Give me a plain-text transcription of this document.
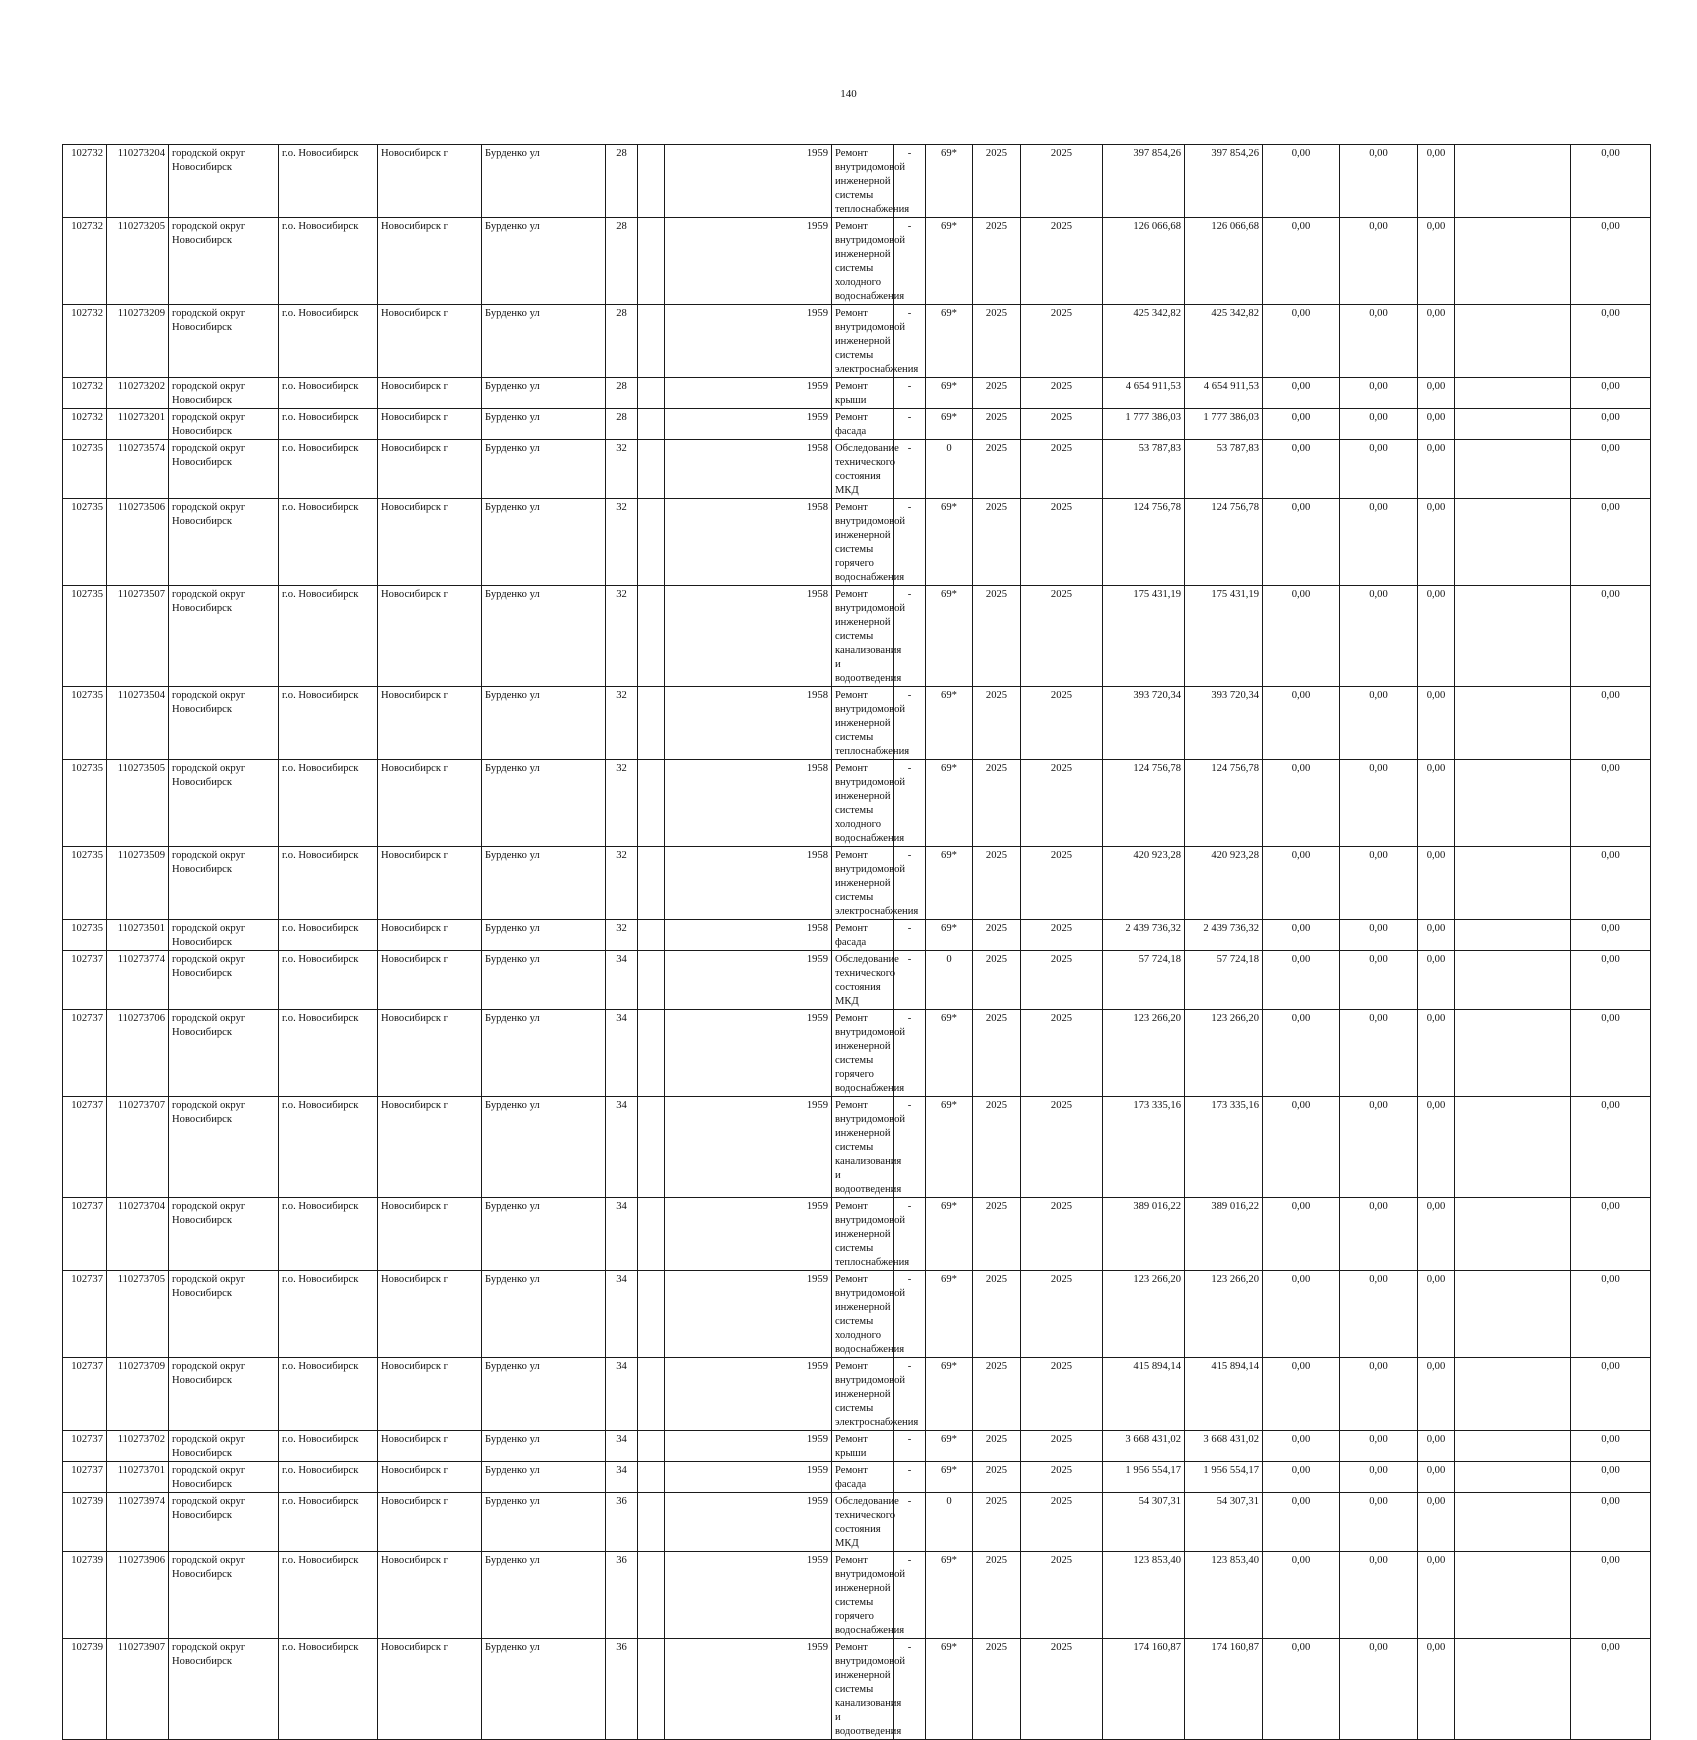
140
102732	110273204	городской округ Новосибирск	г.о. Новосибирск	Новосибирск г	Бурденко ул	28		1959	Ремонт внутридомовой инженерной системы теплоснабжения	-	69*	2025	2025	397 854,26	397 854,26	0,00	0,00	0,00		0,00	
102732	110273205	городской округ Новосибирск	г.о. Новосибирск	Новосибирск г	Бурденко ул	28		1959	Ремонт внутридомовой инженерной системы холодного водоснабжения	-	69*	2025	2025	126 066,68	126 066,68	0,00	0,00	0,00		0,00	
102732	110273209	городской округ Новосибирск	г.о. Новосибирск	Новосибирск г	Бурденко ул	28		1959	Ремонт внутридомовой инженерной системы электроснабжения	-	69*	2025	2025	425 342,82	425 342,82	0,00	0,00	0,00		0,00	
102732	110273202	городской округ Новосибирск	г.о. Новосибирск	Новосибирск г	Бурденко ул	28		1959	Ремонт крыши	-	69*	2025	2025	4 654 911,53	4 654 911,53	0,00	0,00	0,00		0,00	
102732	110273201	городской округ Новосибирск	г.о. Новосибирск	Новосибирск г	Бурденко ул	28		1959	Ремонт фасада	-	69*	2025	2025	1 777 386,03	1 777 386,03	0,00	0,00	0,00		0,00	
102735	110273574	городской округ Новосибирск	г.о. Новосибирск	Новосибирск г	Бурденко ул	32		1958	Обследование технического состояния МКД	-	0	2025	2025	53 787,83	53 787,83	0,00	0,00	0,00		0,00	
102735	110273506	городской округ Новосибирск	г.о. Новосибирск	Новосибирск г	Бурденко ул	32		1958	Ремонт внутридомовой инженерной системы горячего водоснабжения	-	69*	2025	2025	124 756,78	124 756,78	0,00	0,00	0,00		0,00	
102735	110273507	городской округ Новосибирск	г.о. Новосибирск	Новосибирск г	Бурденко ул	32		1958	Ремонт внутридомовой инженерной системы канализования и водоотведения	-	69*	2025	2025	175 431,19	175 431,19	0,00	0,00	0,00		0,00	
102735	110273504	городской округ Новосибирск	г.о. Новосибирск	Новосибирск г	Бурденко ул	32		1958	Ремонт внутридомовой инженерной системы теплоснабжения	-	69*	2025	2025	393 720,34	393 720,34	0,00	0,00	0,00		0,00	
102735	110273505	городской округ Новосибирск	г.о. Новосибирск	Новосибирск г	Бурденко ул	32		1958	Ремонт внутридомовой инженерной системы холодного водоснабжения	-	69*	2025	2025	124 756,78	124 756,78	0,00	0,00	0,00		0,00	
102735	110273509	городской округ Новосибирск	г.о. Новосибирск	Новосибирск г	Бурденко ул	32		1958	Ремонт внутридомовой инженерной системы электроснабжения	-	69*	2025	2025	420 923,28	420 923,28	0,00	0,00	0,00		0,00	
102735	110273501	городской округ Новосибирск	г.о. Новосибирск	Новосибирск г	Бурденко ул	32		1958	Ремонт фасада	-	69*	2025	2025	2 439 736,32	2 439 736,32	0,00	0,00	0,00		0,00	
102737	110273774	городской округ Новосибирск	г.о. Новосибирск	Новосибирск г	Бурденко ул	34		1959	Обследование технического состояния МКД	-	0	2025	2025	57 724,18	57 724,18	0,00	0,00	0,00		0,00	
102737	110273706	городской округ Новосибирск	г.о. Новосибирск	Новосибирск г	Бурденко ул	34		1959	Ремонт внутридомовой инженерной системы горячего водоснабжения	-	69*	2025	2025	123 266,20	123 266,20	0,00	0,00	0,00		0,00	
102737	110273707	городской округ Новосибирск	г.о. Новосибирск	Новосибирск г	Бурденко ул	34		1959	Ремонт внутридомовой инженерной системы канализования и водоотведения	-	69*	2025	2025	173 335,16	173 335,16	0,00	0,00	0,00		0,00	
102737	110273704	городской округ Новосибирск	г.о. Новосибирск	Новосибирск г	Бурденко ул	34		1959	Ремонт внутридомовой инженерной системы теплоснабжения	-	69*	2025	2025	389 016,22	389 016,22	0,00	0,00	0,00		0,00	
102737	110273705	городской округ Новосибирск	г.о. Новосибирск	Новосибирск г	Бурденко ул	34		1959	Ремонт внутридомовой инженерной системы холодного водоснабжения	-	69*	2025	2025	123 266,20	123 266,20	0,00	0,00	0,00		0,00	
102737	110273709	городской округ Новосибирск	г.о. Новосибирск	Новосибирск г	Бурденко ул	34		1959	Ремонт внутридомовой инженерной системы электроснабжения	-	69*	2025	2025	415 894,14	415 894,14	0,00	0,00	0,00		0,00	
102737	110273702	городской округ Новосибирск	г.о. Новосибирск	Новосибирск г	Бурденко ул	34		1959	Ремонт крыши	-	69*	2025	2025	3 668 431,02	3 668 431,02	0,00	0,00	0,00		0,00	
102737	110273701	городской округ Новосибирск	г.о. Новосибирск	Новосибирск г	Бурденко ул	34		1959	Ремонт фасада	-	69*	2025	2025	1 956 554,17	1 956 554,17	0,00	0,00	0,00		0,00	
102739	110273974	городской округ Новосибирск	г.о. Новосибирск	Новосибирск г	Бурденко ул	36		1959	Обследование технического состояния МКД	-	0	2025	2025	54 307,31	54 307,31	0,00	0,00	0,00		0,00	
102739	110273906	городской округ Новосибирск	г.о. Новосибирск	Новосибирск г	Бурденко ул	36		1959	Ремонт внутридомовой инженерной системы горячего водоснабжения	-	69*	2025	2025	123 853,40	123 853,40	0,00	0,00	0,00		0,00	
102739	110273907	городской округ Новосибирск	г.о. Новосибирск	Новосибирск г	Бурденко ул	36		1959	Ремонт внутридомовой инженерной системы канализования и водоотведения	-	69*	2025	2025	174 160,87	174 160,87	0,00	0,00	0,00		0,00	
